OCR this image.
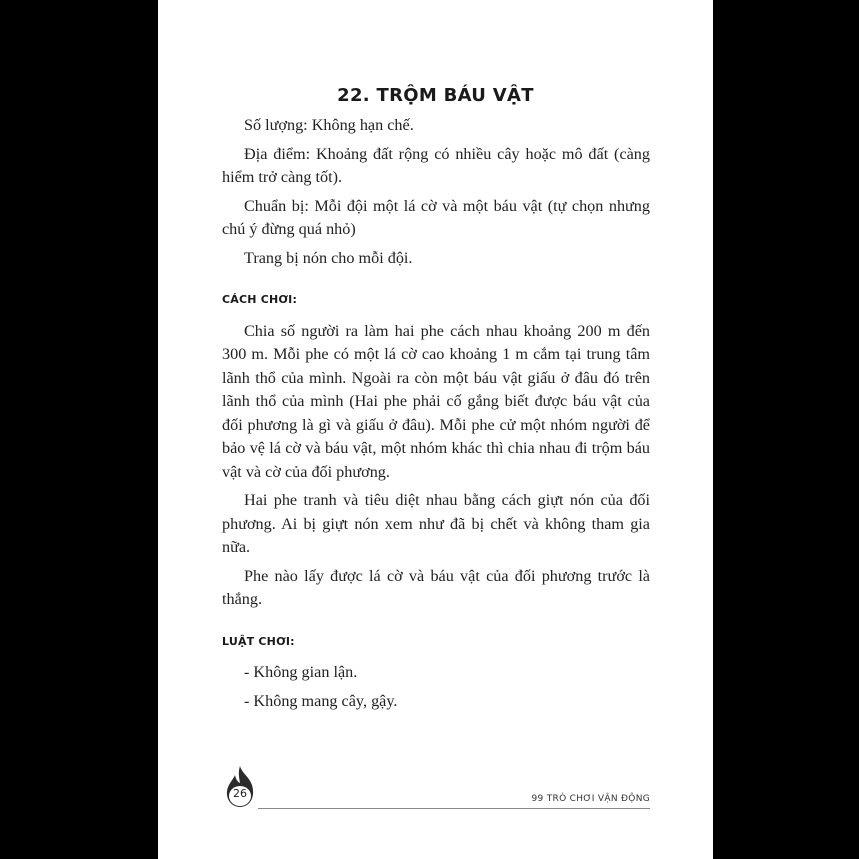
22. TRỘM BÁU VẬT

Số lượng: Không hạn chế.

Địa điểm: Khoảng đất rộng có nhiều cây hoặc mô đất (càng hiểm trở càng tốt).

Chuẩn bị: Mỗi đội một lá cờ và một báu vật (tự chọn nhưng chú ý đừng quá nhỏ)

Trang bị nón cho mỗi đội.

CÁCH CHƠI:

Chia số người ra làm hai phe cách nhau khoảng 200 m đến 300 m. Mỗi phe có một lá cờ cao khoảng 1 m cắm tại trung tâm lãnh thổ của mình. Ngoài ra còn một báu vật giấu ở đâu đó trên lãnh thổ của mình (Hai phe phải cố gắng biết được báu vật của đối phương là gì và giấu ở đâu). Mỗi phe cử một nhóm người để bảo vệ lá cờ và báu vật, một nhóm khác thì chia nhau đi trộm báu vật và cờ của đối phương.

Hai phe tranh và tiêu diệt nhau bằng cách giựt nón của đối phương. Ai bị giựt nón xem như đã bị chết và không tham gia nữa.

Phe nào lấy được lá cờ và báu vật của đối phương trước là thắng.

LUẬT CHƠI:

- Không gian lận.

- Không mang cây, gậy.

26	99 TRÒ CHƠI VẬN ĐỘNG
